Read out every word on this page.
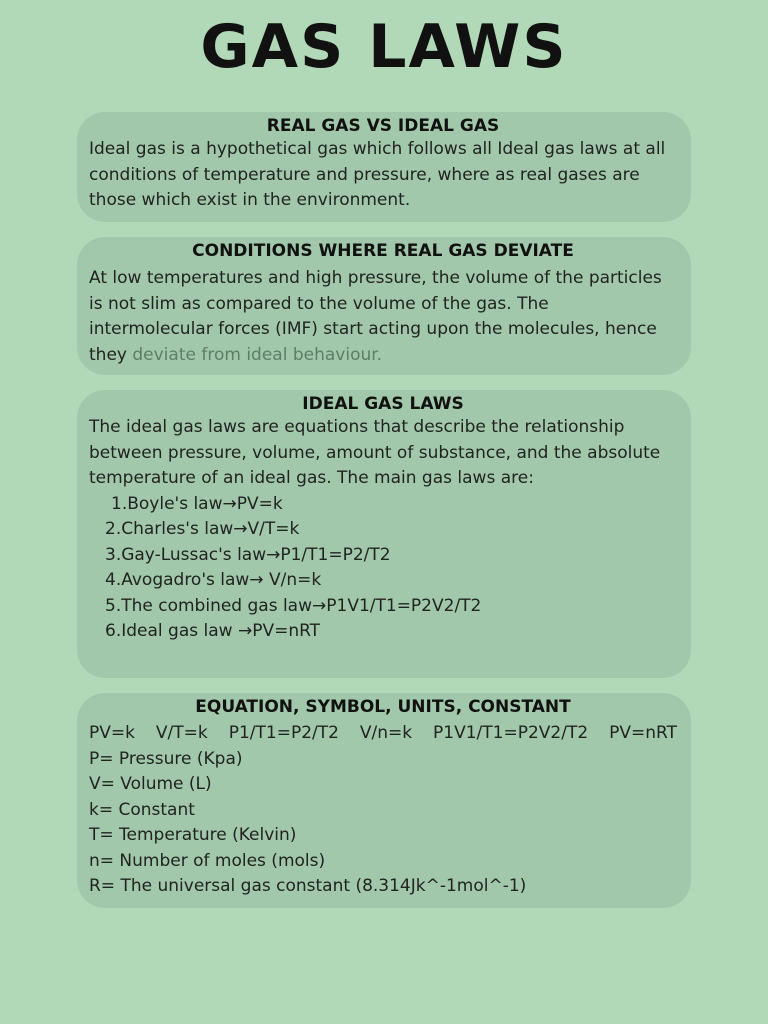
GAS LAWS
REAL GAS VS IDEAL GAS

Ideal gas is a hypothetical gas which follows all Ideal gas laws at all conditions of temperature and pressure, where as real gases are those which exist in the environment.

CONDITIONS WHERE REAL GAS DEVIATE

At low temperatures and high pressure, the volume of the particles is not slim as compared to the volume of the gas. The intermolecular forces (IMF) start acting upon the molecules, hence they deviate from ideal behaviour.

IDEAL GAS LAWS

The ideal gas laws are equations that describe the relationship between pressure, volume, amount of substance, and the absolute temperature of an ideal gas. The main gas laws are:

1.Boyle's law→PV=k
2.Charles's law→V/T=k
3.Gay-Lussac's law→P1/T1=P2/T2
4.Avogadro's law→ V/n=k
5.The combined gas law→P1V1/T1=P2V2/T2
6.Ideal gas law →PV=nRT
EQUATION, SYMBOL, UNITS, CONSTANT
PV=k V/T=k P1/T1=P2/T2 V/n=k P1V1/T1=P2V2/T2 PV=nRT
P= Pressure (Kpa)
V= Volume (L)
k= Constant
T= Temperature (Kelvin)
n= Number of moles (mols)
R= The universal gas constant (8.314Jk^-1mol^-1)
